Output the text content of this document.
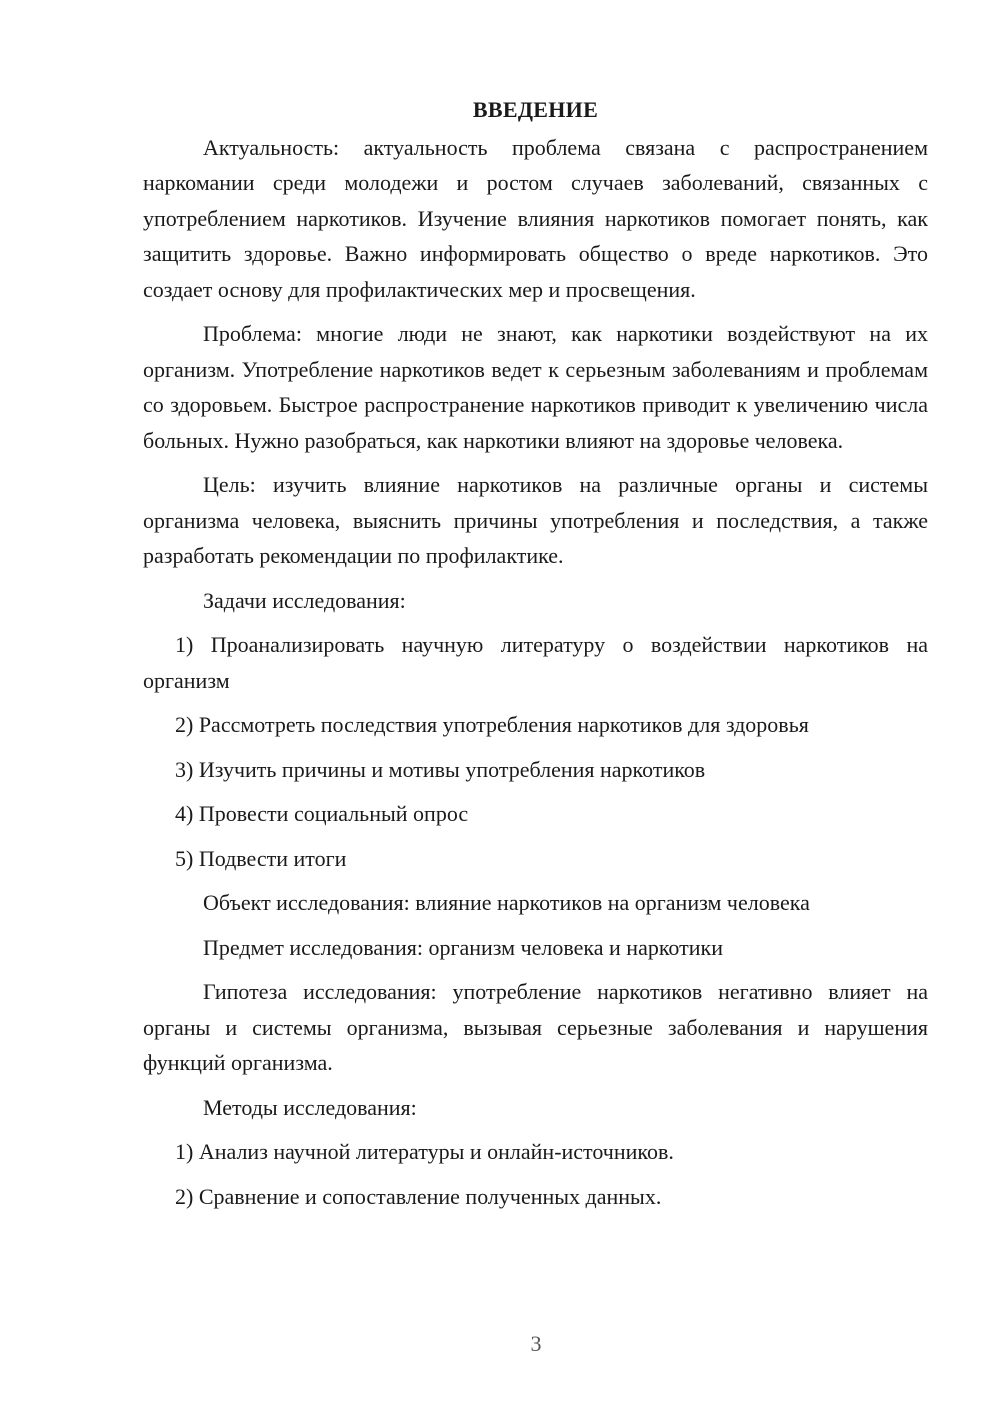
ВВЕДЕНИЕ
Актуальность: актуальность проблема связана с распространением наркомании среди молодежи и ростом случаев заболеваний, связанных с употреблением наркотиков. Изучение влияния наркотиков помогает понять, как защитить здоровье. Важно информировать общество о вреде наркотиков. Это создает основу для профилактических мер и просвещения.
Проблема: многие люди не знают, как наркотики воздействуют на их организм. Употребление наркотиков ведет к серьезным заболеваниям и проблемам со здоровьем. Быстрое распространение наркотиков приводит к увеличению числа больных. Нужно разобраться, как наркотики влияют на здоровье человека.
Цель: изучить влияние наркотиков на различные органы и системы организма человека, выяснить причины употребления и последствия, а также разработать рекомендации по профилактике.
Задачи исследования:
1) Проанализировать научную литературу о воздействии наркотиков на организм
2) Рассмотреть последствия употребления наркотиков для здоровья
3) Изучить причины и мотивы употребления наркотиков
4) Провести социальный опрос
5) Подвести итоги
Объект исследования: влияние наркотиков на организм человека
Предмет исследования: организм человека и наркотики
Гипотеза исследования: употребление наркотиков негативно влияет на органы и системы организма, вызывая серьезные заболевания и нарушения функций организма.
Методы исследования:
1) Анализ научной литературы и онлайн-источников.
2) Сравнение и сопоставление полученных данных.
3
